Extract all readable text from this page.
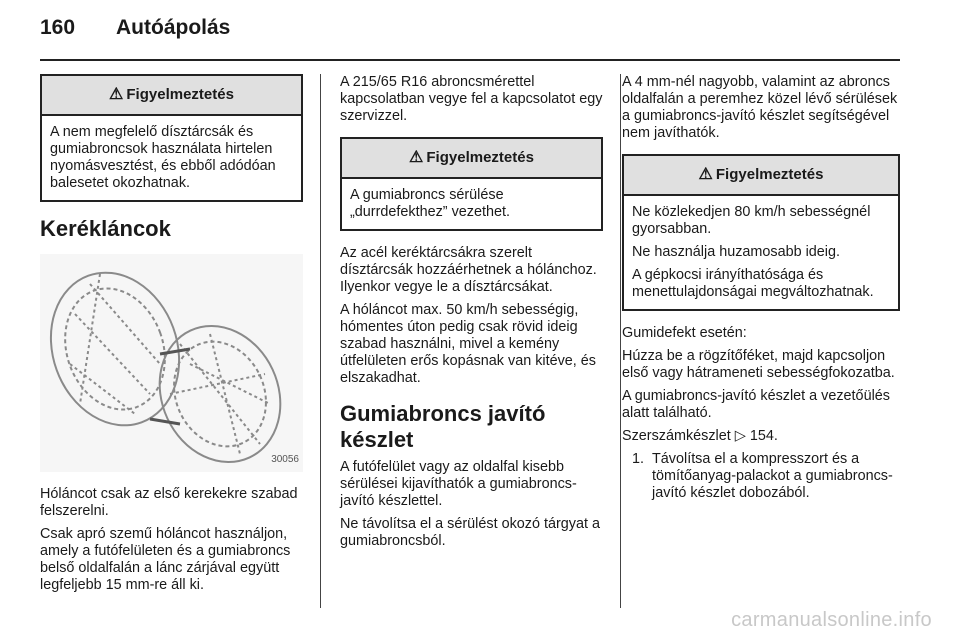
160 Autóápolás
⚠ Figyelmeztetés

A nem megfelelő dísztárcsák és gumiabroncsok használata hirtelen nyomásvesztést, és ebből adódóan balesetet okozhatnak.

Kerékláncok
30056

Hóláncot csak az első kerekekre szabad felszerelni.

Csak apró szemű hóláncot használjon, amely a futófelületen és a gumiabroncs belső oldalfalán a lánc zárjával együtt legfeljebb 15 mm-re áll ki.

A 215/65 R16 abroncsmérettel kapcsolatban vegye fel a kapcsolatot egy szervizzel.

⚠ Figyelmeztetés

A gumiabroncs sérülése „durrdefekthez” vezethet.

Az acél keréktárcsákra szerelt dísztárcsák hozzáérhetnek a hólánchoz. Ilyenkor vegye le a dísztárcsákat.

A hóláncot max. 50 km/h sebességig, hómentes úton pedig csak rövid ideig szabad használni, mivel a kemény útfelületen erős kopásnak van kitéve, és elszakadhat.

Gumiabroncs javító készlet

A futófelület vagy az oldalfal kisebb sérülései kijavíthatók a gumiabroncs-javító készlettel.

Ne távolítsa el a sérülést okozó tárgyat a gumiabroncsból.

A 4 mm-nél nagyobb, valamint az abroncs oldalfalán a peremhez közel lévő sérülések a gumiabroncs-javító készlet segítségével nem javíthatók.

⚠ Figyelmeztetés

Ne közlekedjen 80 km/h sebességnél gyorsabban.

Ne használja huzamosabb ideig.

A gépkocsi irányíthatósága és menettulajdonságai megváltozhatnak.

Gumidefekt esetén:

Húzza be a rögzítőféket, majd kapcsoljon első vagy hátrameneti sebességfokozatba.

A gumiabroncs-javító készlet a vezetőülés alatt található.

Szerszámkészlet ▷ 154.

1. Távolítsa el a kompresszort és a tömítőanyag-palackot a gumiabroncs-javító készlet dobozából.
carmanualsonline.info
